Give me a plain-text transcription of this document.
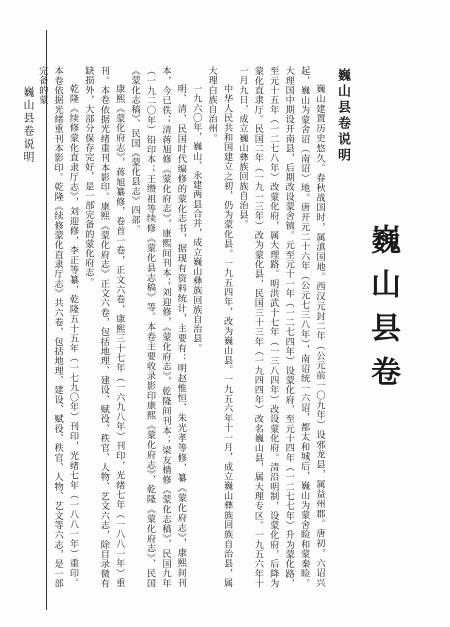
巍山县卷说明
巍山县卷
巍山县卷说明

巍山建置历史悠久。春秋战国时，属滇国地。西汉元封二年（公元前一〇九年）设邪龙县，属益州郡。唐初，六诏兴起，巍山为蒙舍诏（南诏）地。唐开元二十六年（公元七三八年），南诏统一六诏，都太和城后，巍山为蒙舍睑和蒙秦睑。大理国中期设开南县，后期改设蒙舍镇。元至元十一年（一二七四年）设蒙化府，至元十四年（一二七七年）升为蒙化路，至元十五年（一二七八年）改蒙化府，属大理路。明洪武十七年（一三八四年）改设蒙化府。清沿明制，设蒙化府，后降为蒙化直隶厅。民国二年（一九一三年）改为蒙化县，民国三十三年（一九四四年）改名巍山县，属大理专区。一九五六年十一月九日，成立巍山彝族回族自治县。

中华人民共和国建立之初，仍为蒙化县。一九五四年，改为巍山县。一九五六年十一月，成立巍山彝族回族自治县，属大理白族自治州。

一九六〇年，巍山、永建两县合并，成立巍山彝族回族自治县。

明、清、民国时代编修的蒙化志书，据现有资料统计，主要有：明赵惟恒、朱光孝等修，纂《蒙化府志》，康熙间刊本，今已佚；清蒋旭修《蒙化府志》，康熙间刊本；刘迎修，《蒙化府志》，乾隆间刊本；梁友樯修《蒙化志稿》，民国九年（一九二〇年）铅印本；王缵祖等续修《蒙化县志稿》等。本卷主要收录影印康熙《蒙化府志》、乾隆《蒙化府志》、民国《蒙化志稿》、民国《蒙化县志》四部。

康熙《蒙化府志》，蒋旭纂修，卷首一卷，正文六卷，康熙三十七年（一六九八年）刊印，光绪七年（一八八一年）重刊。本卷依据光绪重刊本影印。康熙《蒙化府志》正文六卷，包括地理、建设、赋役、秩官、人物、艺文六志，除目录微有缺损外，大部分保存完好，是一部完备的蒙化府志。

乾隆《续修蒙化直隶厅志》，刘迎修，李正等纂，乾隆五十五年（一七九〇年）刊印，光绪七年（一八八一年）重印。本卷依据光绪重刊本影印。乾隆《续修蒙化直隶厅志》共六卷，包括地理、建设、赋役、秩官、人物、艺文等六志，是一部完备的蒙
